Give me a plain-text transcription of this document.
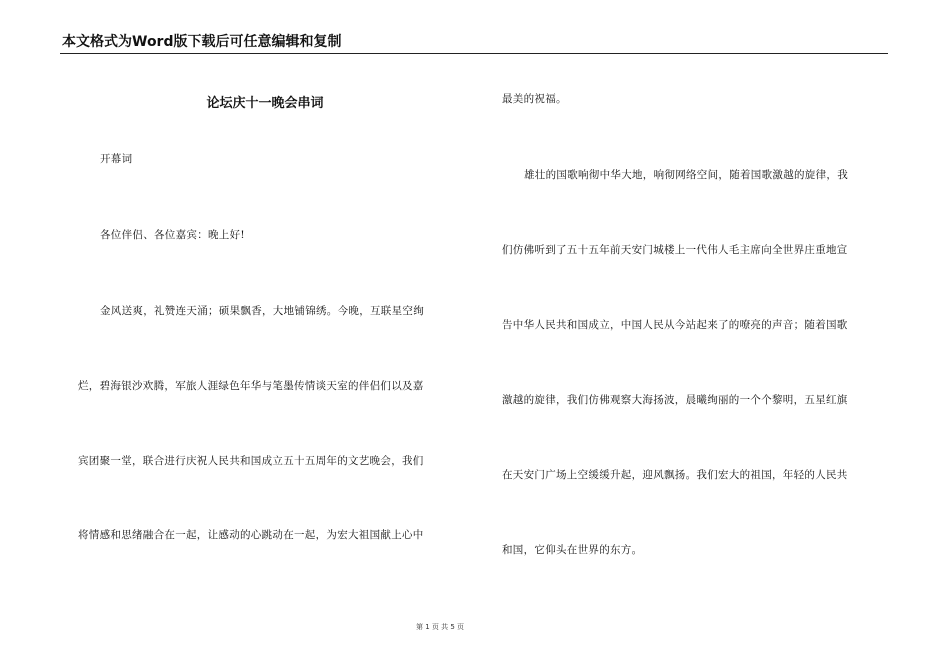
本文格式为Word版下载后可任意编辑和复制
论坛庆十一晚会串词
开幕词
各位伴侣、各位嘉宾：晚上好!
金风送爽，礼赞连天涌；硕果飘香，大地铺锦绣。今晚，互联星空绚
烂，碧海银沙欢腾，军旅人涯绿色年华与笔墨传情谈天室的伴侣们以及嘉
宾团聚一堂，联合进行庆祝人民共和国成立五十五周年的文艺晚会，我们
将情感和思绪融合在一起，让感动的心跳动在一起，为宏大祖国献上心中
最美的祝福。
雄壮的国歌响彻中华大地，响彻网络空间，随着国歌激越的旋律，我
们仿佛听到了五十五年前天安门城楼上一代伟人毛主席向全世界庄重地宣
告中华人民共和国成立，中国人民从今站起来了的嘹亮的声音；随着国歌
激越的旋律，我们仿佛观察大海扬波，晨曦绚丽的一个个黎明，五星红旗
在天安门广场上空缓缓升起，迎风飘扬。我们宏大的祖国，年轻的人民共
和国，它仰头在世界的东方。
第 1 页 共 5 页
